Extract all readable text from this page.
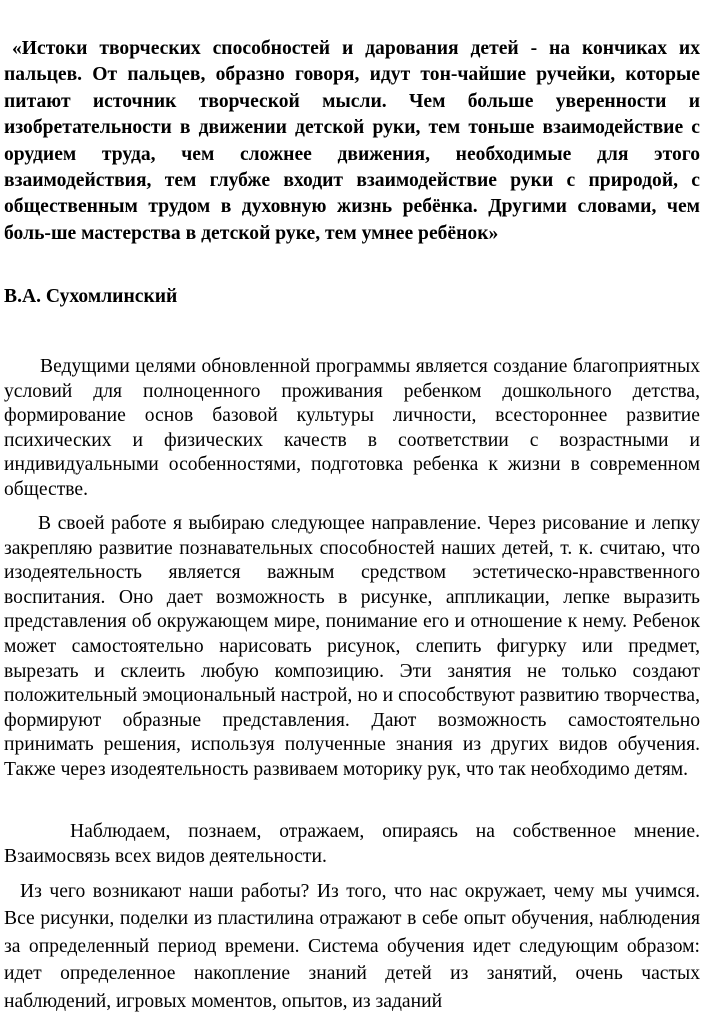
«Истоки творческих способностей и дарования детей - на кончиках их пальцев. От пальцев, образно говоря, идут тон-чайшие ручейки, которые питают источник творческой мысли. Чем больше уверенности и изобретательности в движении детской руки, тем тоньше взаимодействие с орудием труда, чем сложнее движения, необходимые для этого взаимодействия, тем глубже входит взаимодействие руки с природой, с общественным трудом в духовную жизнь ребёнка. Другими словами, чем боль-ше мастерства в детской руке, тем умнее ребёнок»

В.А. Сухомлинский

Ведущими целями обновленной программы является создание благоприятных условий для полноценного проживания ребенком дошкольного детства, формирование основ базовой культуры личности, всестороннее развитие психических и физических качеств в соответствии с возрастными и индивидуальными особенностями, подготовка ребенка к жизни в современном обществе.

В своей работе я выбираю следующее направление. Через рисование и лепку закрепляю развитие познавательных способностей наших детей, т. к. считаю, что изодеятельность является важным средством эстетическо-нравственного воспитания. Оно дает возможность в рисунке, аппликации, лепке выразить представления об окружающем мире, понимание его и отношение к нему. Ребенок может самостоятельно нарисовать рисунок, слепить фигурку или предмет, вырезать и склеить любую композицию. Эти занятия не только создают положительный эмоциональный настрой, но и способствуют развитию творчества, формируют образные представления. Дают возможность самостоятельно принимать решения, используя полученные знания из других видов обучения. Также через изодеятельность развиваем моторику рук, что так необходимо детям.

Наблюдаем, познаем, отражаем, опираясь на собственное мнение. Взаимосвязь всех видов деятельности.

Из чего возникают наши работы? Из того, что нас окружает, чему мы учимся. Все рисунки, поделки из пластилина отражают в себе опыт обучения, наблюдения за определенный период времени. Система обучения идет следующим образом: идет определенное накопление знаний детей из занятий, очень частых наблюдений, игровых моментов, опытов, из заданий
